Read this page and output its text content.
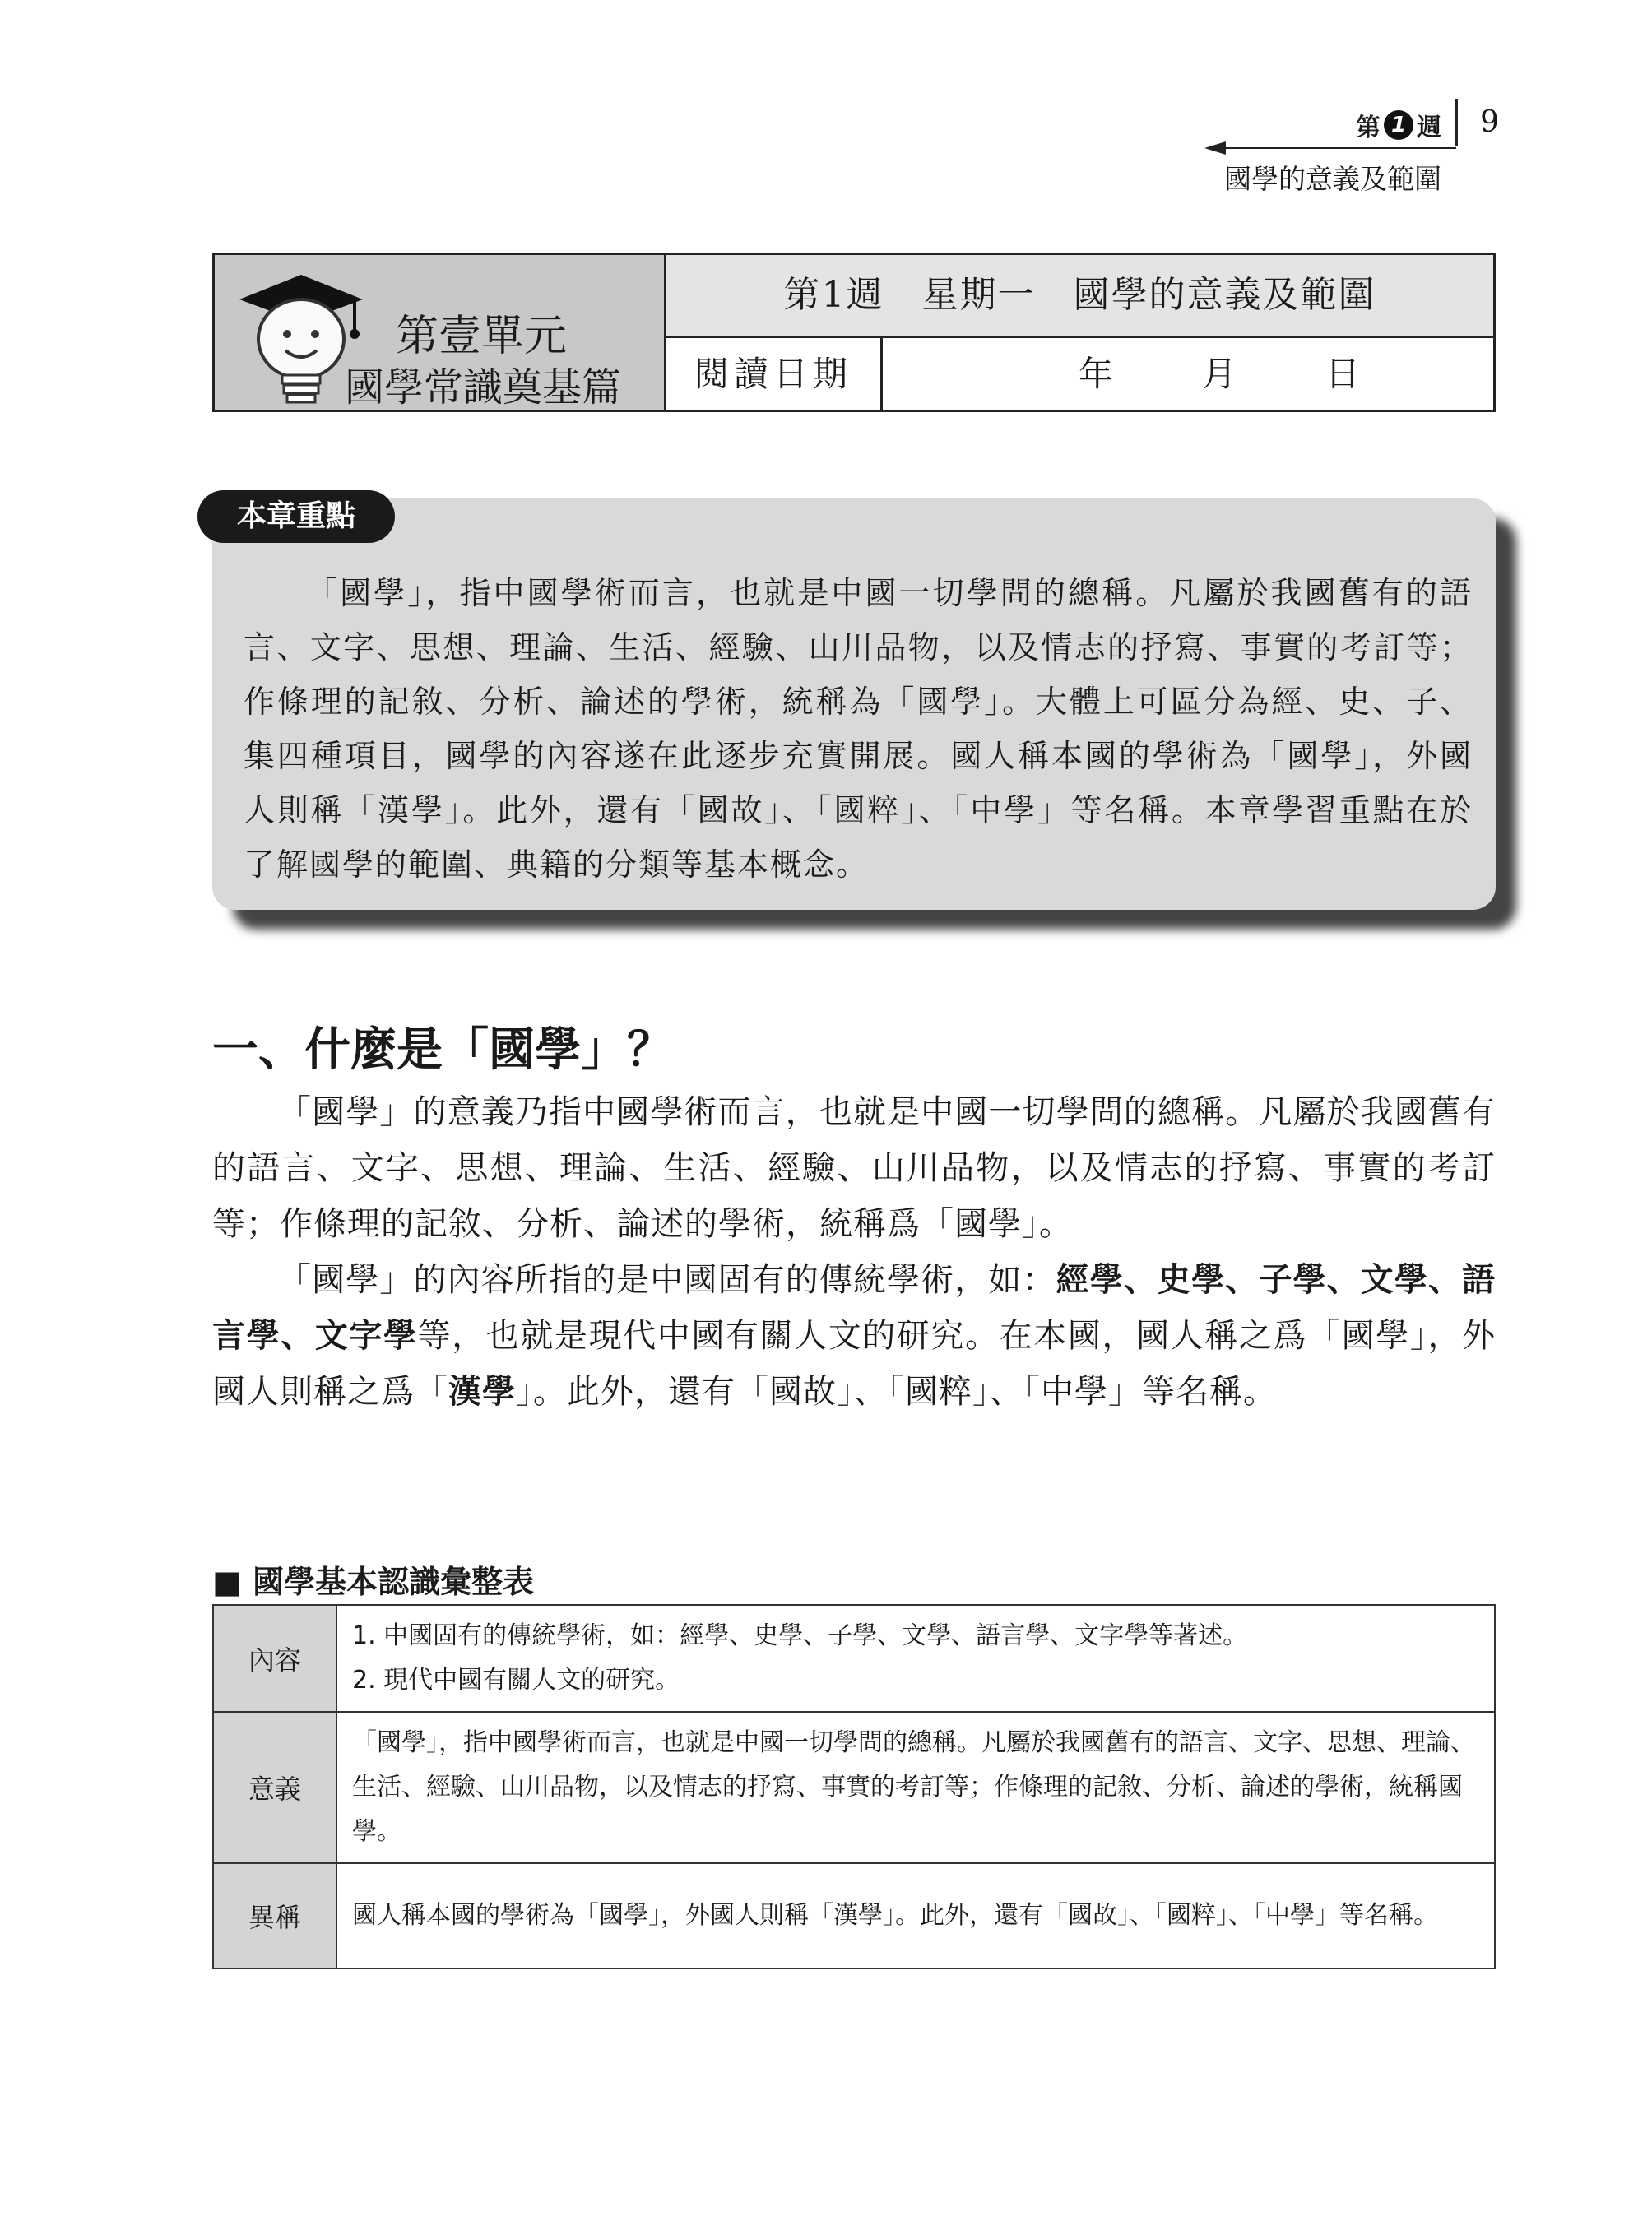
第 1 週 9
國學的意義及範圍
第壹單元
國學常識奠基篇
第1週　星期一　國學的意義及範圍
閱讀日期	年	月	日
本章重點
「國學」，指中國學術而言，也就是中國一切學問的總稱。凡屬於我國舊有的語言、文字、思想、理論、生活、經驗、山川品物，以及情志的抒寫、事實的考訂等；作條理的記敘、分析、論述的學術，統稱為「國學」。大體上可區分為經、史、子、集四種項目，國學的內容遂在此逐步充實開展。國人稱本國的學術為「國學」，外國人則稱「漢學」。此外，還有「國故」、「國粹」、「中學」等名稱。本章學習重點在於了解國學的範圍、典籍的分類等基本概念。
一、什麼是「國學」？
「國學」的意義乃指中國學術而言，也就是中國一切學問的總稱。凡屬於我國舊有的語言、文字、思想、理論、生活、經驗、山川品物，以及情志的抒寫、事實的考訂等；作條理的記敘、分析、論述的學術，統稱爲「國學」。
「國學」的內容所指的是中國固有的傳統學術，如：經學、史學、子學、文學、語言學、文字學等，也就是現代中國有關人文的研究。在本國，國人稱之爲「國學」，外國人則稱之爲「漢學」。此外，還有「國故」、「國粹」、「中學」等名稱。
■ 國學基本認識彙整表
內容	1. 中國固有的傳統學術，如：經學、史學、子學、文學、語言學、文字學等著述。
2. 現代中國有關人文的研究。

意義	「國學」，指中國學術而言，也就是中國一切學問的總稱。凡屬於我國舊有的語言、文字、思想、理論、生活、經驗、山川品物，以及情志的抒寫、事實的考訂等；作條理的記敘、分析、論述的學術，統稱國學。
異稱	國人稱本國的學術為「國學」，外國人則稱「漢學」。此外，還有「國故」、「國粹」、「中學」等名稱。
